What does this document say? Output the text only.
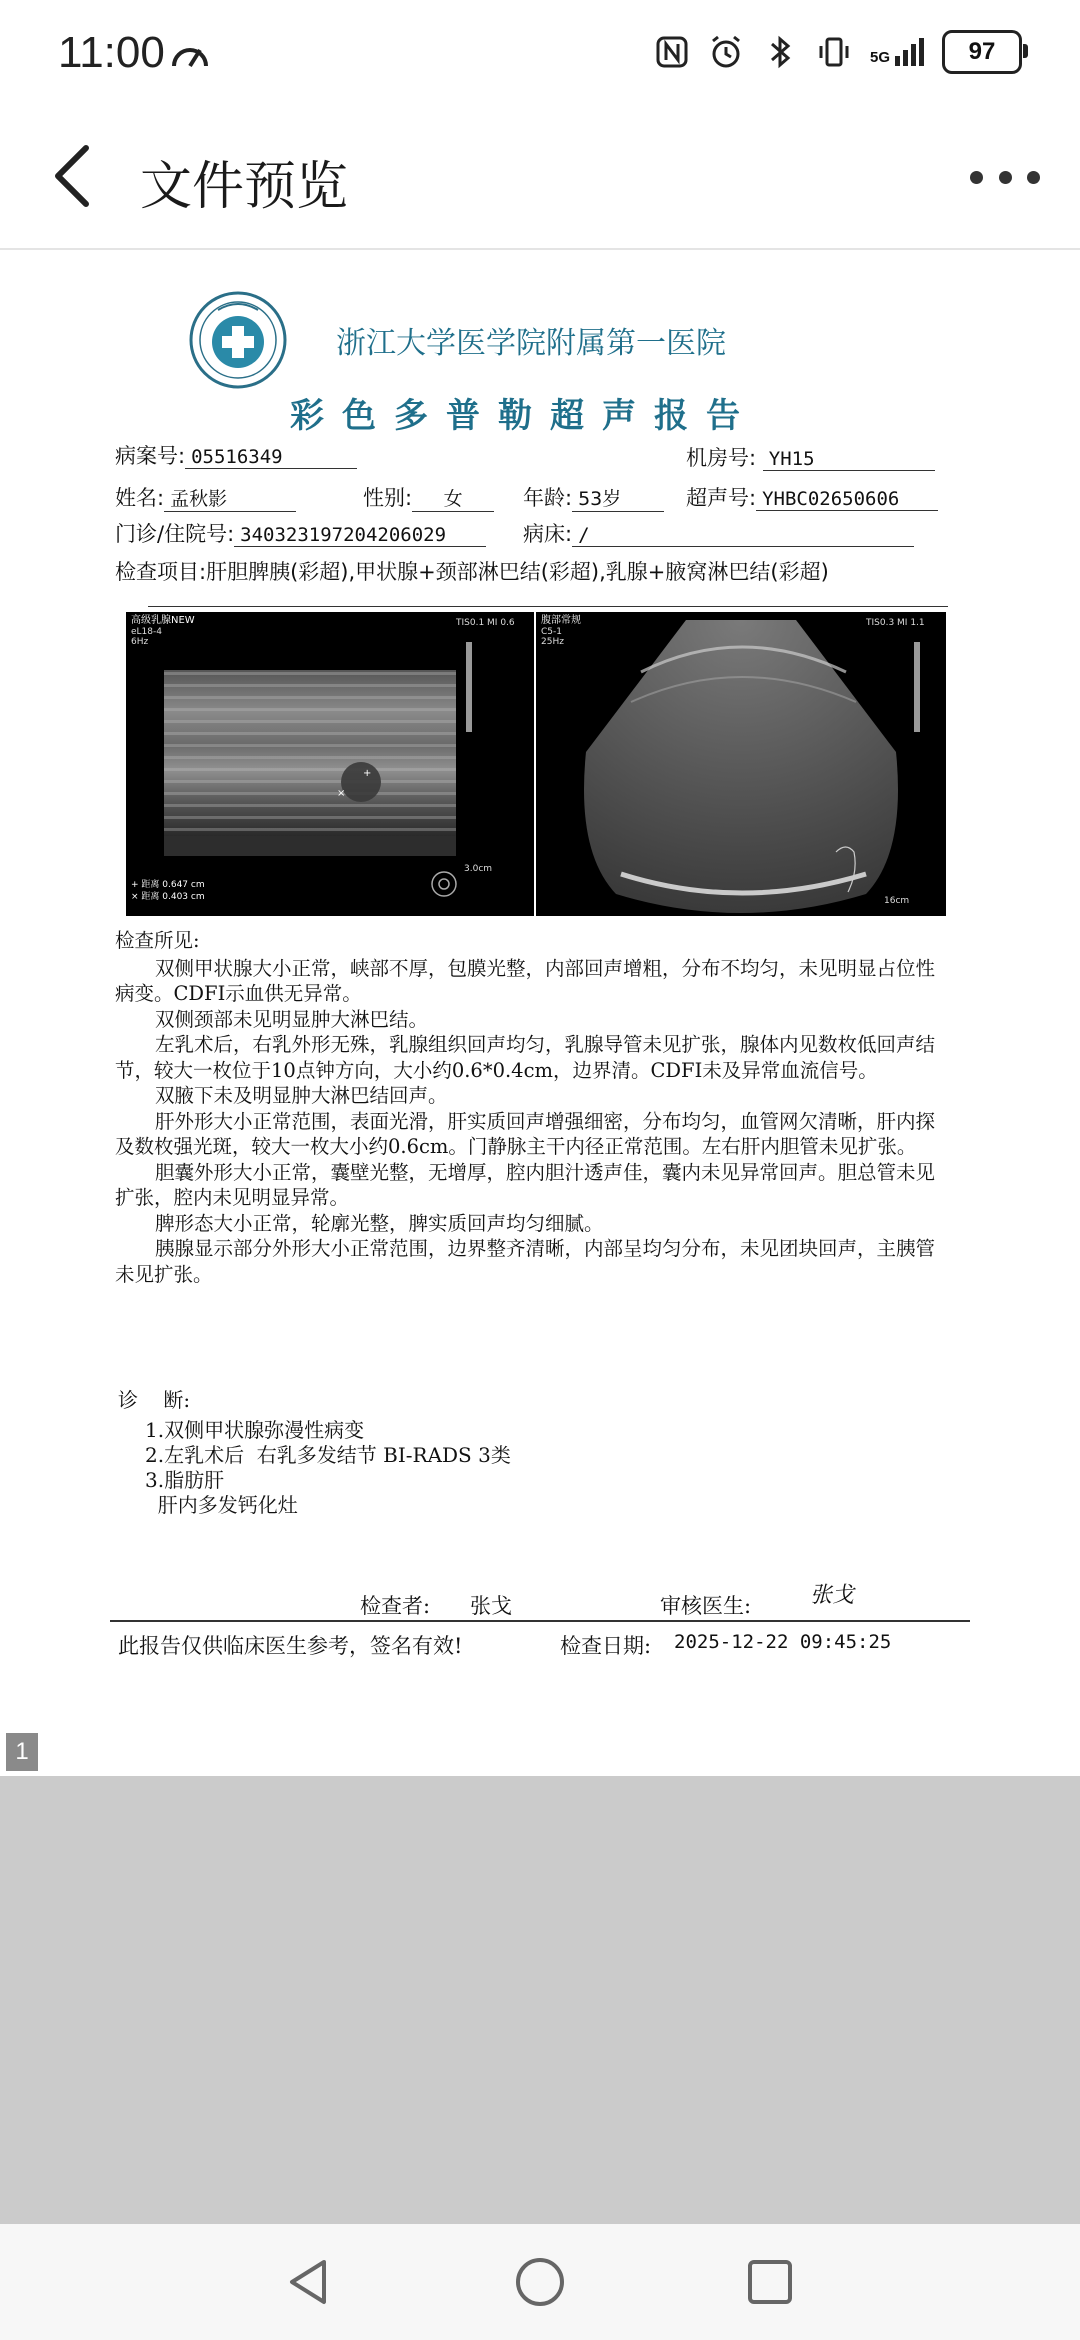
11:00	5G	97
文件预览
浙江大学医学院附属第一医院
彩色多普勒超声报告
病案号: 05516349	机房号: YH15
姓名: 孟秋影	性别: 女	年龄: 53岁	超声号: YHBC02650606
门诊/住院号: 340323197204206029	病床: /
检查项目:肝胆脾胰(彩超),甲状腺+颈部淋巴结(彩超),乳腺+腋窝淋巴结(彩超)
×
+
高级乳腺NEW
eL18-4
6Hz
TIS0.1 MI 0.6
+ 距离 0.647 cm
× 距离 0.403 cm
3.0cm
腹部常规
C5-1
25Hz
TIS0.3 MI 1.1
16cm
检查所见:

双侧甲状腺大小正常，峡部不厚，包膜光整，内部回声增粗，分布不均匀，未见明显占位性病变。CDFI示血供无异常。

双侧颈部未见明显肿大淋巴结。

左乳术后，右乳外形无殊，乳腺组织回声均匀，乳腺导管未见扩张，腺体内见数枚低回声结节，较大一枚位于10点钟方向，大小约0.6*0.4cm，边界清。CDFI未及异常血流信号。

双腋下未及明显肿大淋巴结回声。

肝外形大小正常范围，表面光滑，肝实质回声增强细密，分布均匀，血管网欠清晰，肝内探及数枚强光斑，较大一枚大小约0.6cm。门静脉主干内径正常范围。左右肝内胆管未见扩张。

胆囊外形大小正常，囊壁光整，无增厚，腔内胆汁透声佳，囊内未见异常回声。胆总管未见扩张，腔内未见明显异常。

脾形态大小正常，轮廓光整，脾实质回声均匀细腻。

胰腺显示部分外形大小正常范围，边界整齐清晰，内部呈均匀分布，未见团块回声，主胰管未见扩张。

诊    断:
1.双侧甲状腺弥漫性病变
2.左乳术后  右乳多发结节 BI-RADS 3类
3.脂肪肝
肝内多发钙化灶
检查者: 张戈	审核医生:	张戈
此报告仅供临床医生参考，签名有效!	检查日期: 2025-12-22 09:45:25
1
